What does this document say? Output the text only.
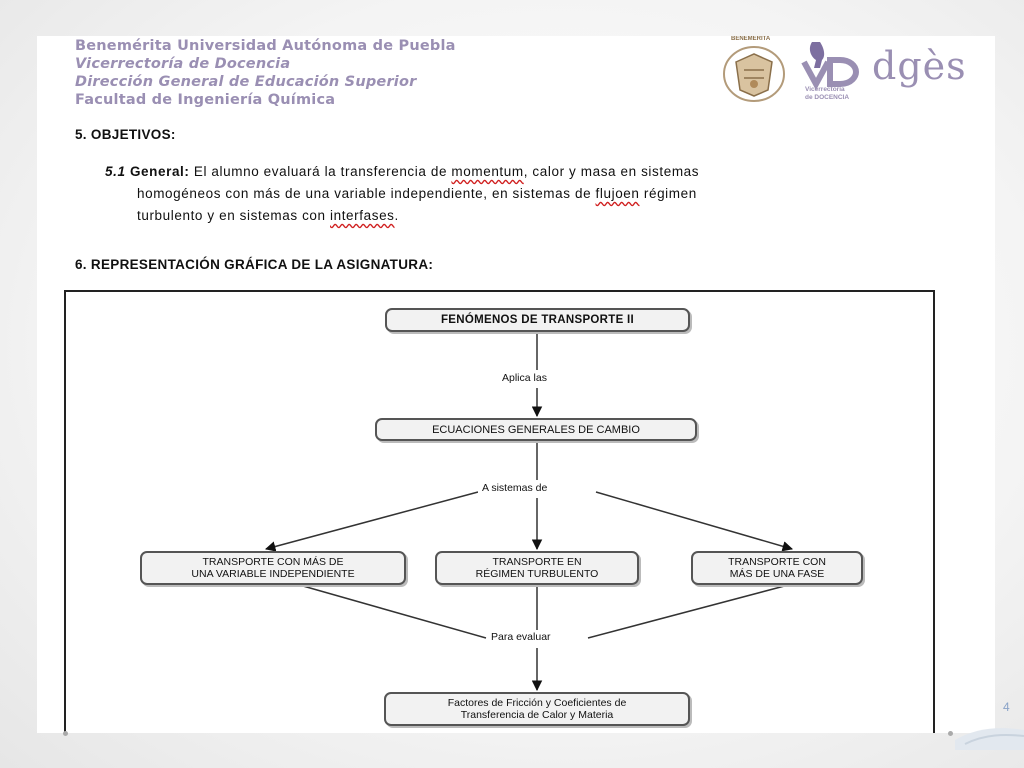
Benemérita Universidad Autónoma de Puebla
Vicerrectoría de Docencia
Dirección General de Educación Superior
Facultad de Ingeniería Química
BENEMÉRITA
dgès
Vicerrectoría
de DOCENCIA
5. OBJETIVOS:
5.1 General: El alumno evaluará la transferencia de momentum, calor y masa en sistemas
homogéneos con más de una variable independiente, en sistemas de flujoen régimen
turbulento y en sistemas con interfases.
6. REPRESENTACIÓN GRÁFICA DE LA ASIGNATURA:
FENÓMENOS DE TRANSPORTE II
Aplica las
ECUACIONES GENERALES DE CAMBIO
A sistemas de
TRANSPORTE CON MÁS DE
UNA VARIABLE INDEPENDIENTE
TRANSPORTE EN
RÉGIMEN TURBULENTO
TRANSPORTE CON
MÁS DE UNA FASE
Para evaluar
Factores de Fricción y Coeficientes de
Transferencia de Calor y Materia
4
